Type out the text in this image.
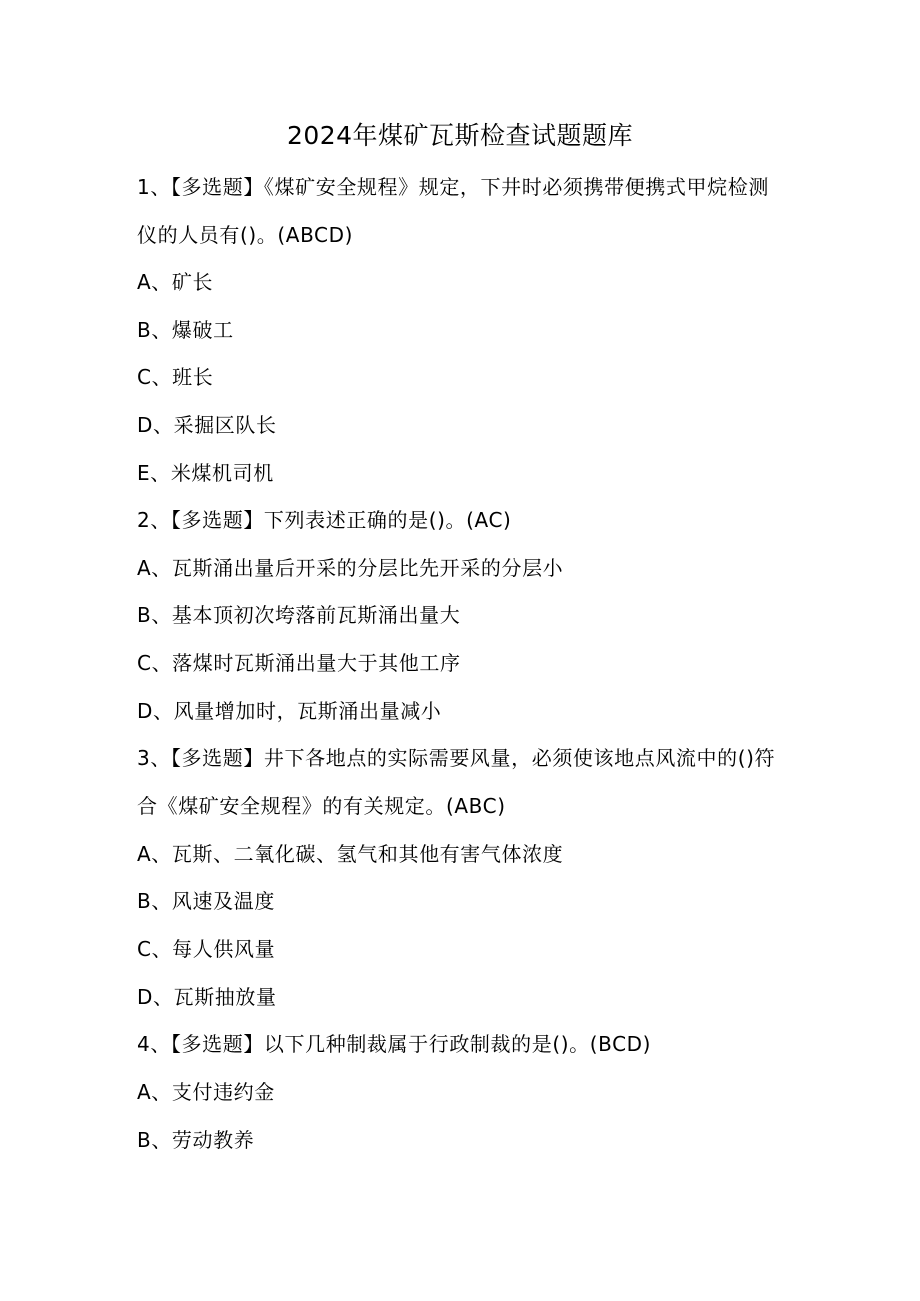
2024年煤矿瓦斯检查试题题库
1、【多选题】《煤矿安全规程》规定，下井时必须携带便携式甲烷检测
仪的人员有()。(ABCD)
A、矿长
B、爆破工
C、班长
D、采掘区队长
E、米煤机司机
2、【多选题】下列表述正确的是()。(AC)
A、瓦斯涌出量后开采的分层比先开采的分层小
B、基本顶初次垮落前瓦斯涌出量大
C、落煤时瓦斯涌出量大于其他工序
D、风量增加时，瓦斯涌出量减小
3、【多选题】井下各地点的实际需要风量，必须使该地点风流中的()符
合《煤矿安全规程》的有关规定。(ABC)
A、瓦斯、二氧化碳、氢气和其他有害气体浓度
B、风速及温度
C、每人供风量
D、瓦斯抽放量
4、【多选题】以下几种制裁属于行政制裁的是()。(BCD)
A、支付违约金
B、劳动教养
